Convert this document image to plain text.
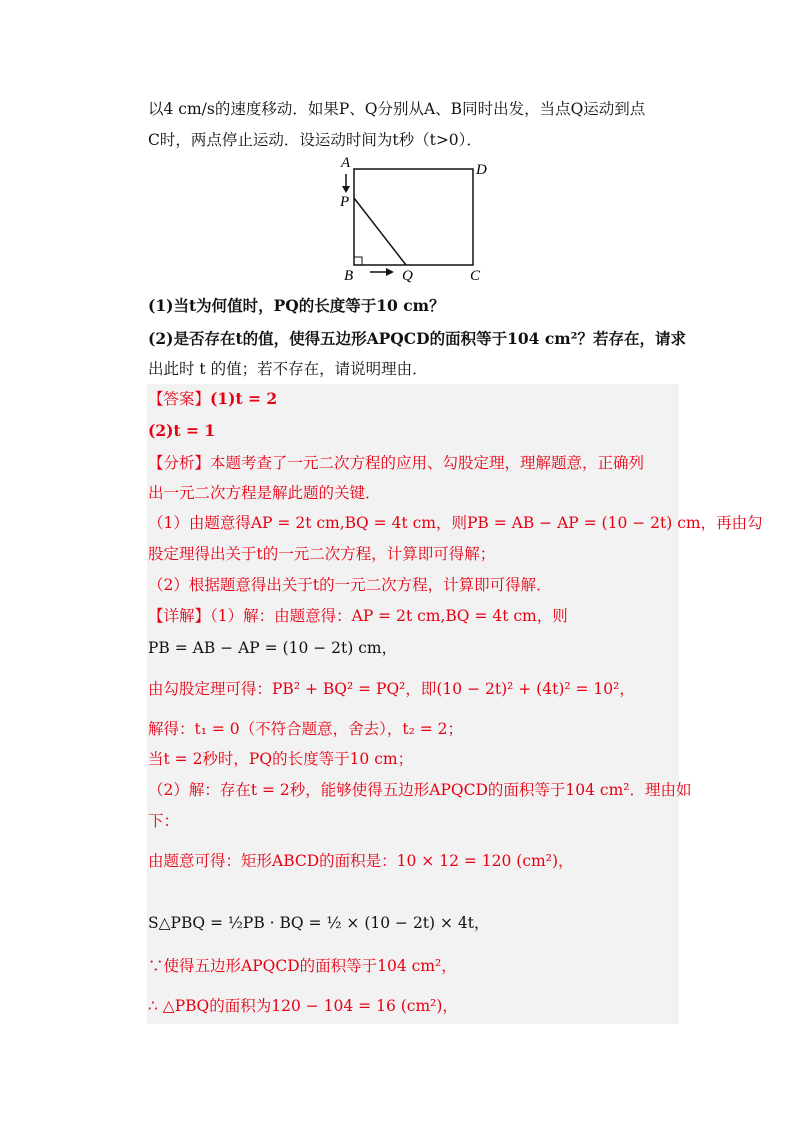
以4 cm/s的速度移动．如果P、Q分别从A、B同时出发，当点Q运动到点
C时，两点停止运动．设运动时间为t秒（t>0）．
A	D
P
B	Q	C
(1)当t为何值时，PQ的长度等于10 cm？
(2)是否存在t的值，使得五边形APQCD的面积等于104 cm²？若存在，请求
出此时 t 的值；若不存在，请说明理由．
【答案】(1)t = 2
(2)t = 1
【分析】本题考查了一元二次方程的应用、勾股定理，理解题意，正确列
出一元二次方程是解此题的关键．
（1）由题意得AP = 2t cm,BQ = 4t cm，则PB = AB − AP = (10 − 2t) cm，再由勾
股定理得出关于t的一元二次方程，计算即可得解；
（2）根据题意得出关于t的一元二次方程，计算即可得解．
【详解】（1）解：由题意得：AP = 2t cm,BQ = 4t cm，则
PB = AB − AP = (10 − 2t) cm，
由勾股定理可得：PB² + BQ² = PQ²，即(10 − 2t)² + (4t)² = 10²，
解得：t₁ = 0（不符合题意，舍去），t₂ = 2；
当t = 2秒时，PQ的长度等于10 cm；
（2）解：存在t = 2秒，能够使得五边形APQCD的面积等于104 cm²．理由如
下：
由题意可得：矩形ABCD的面积是：10 × 12 = 120 (cm²)，
S△PBQ = ½PB · BQ = ½ × (10 − 2t) × 4t，
∵使得五边形APQCD的面积等于104 cm²，
∴ △PBQ的面积为120 − 104 = 16 (cm²)，
